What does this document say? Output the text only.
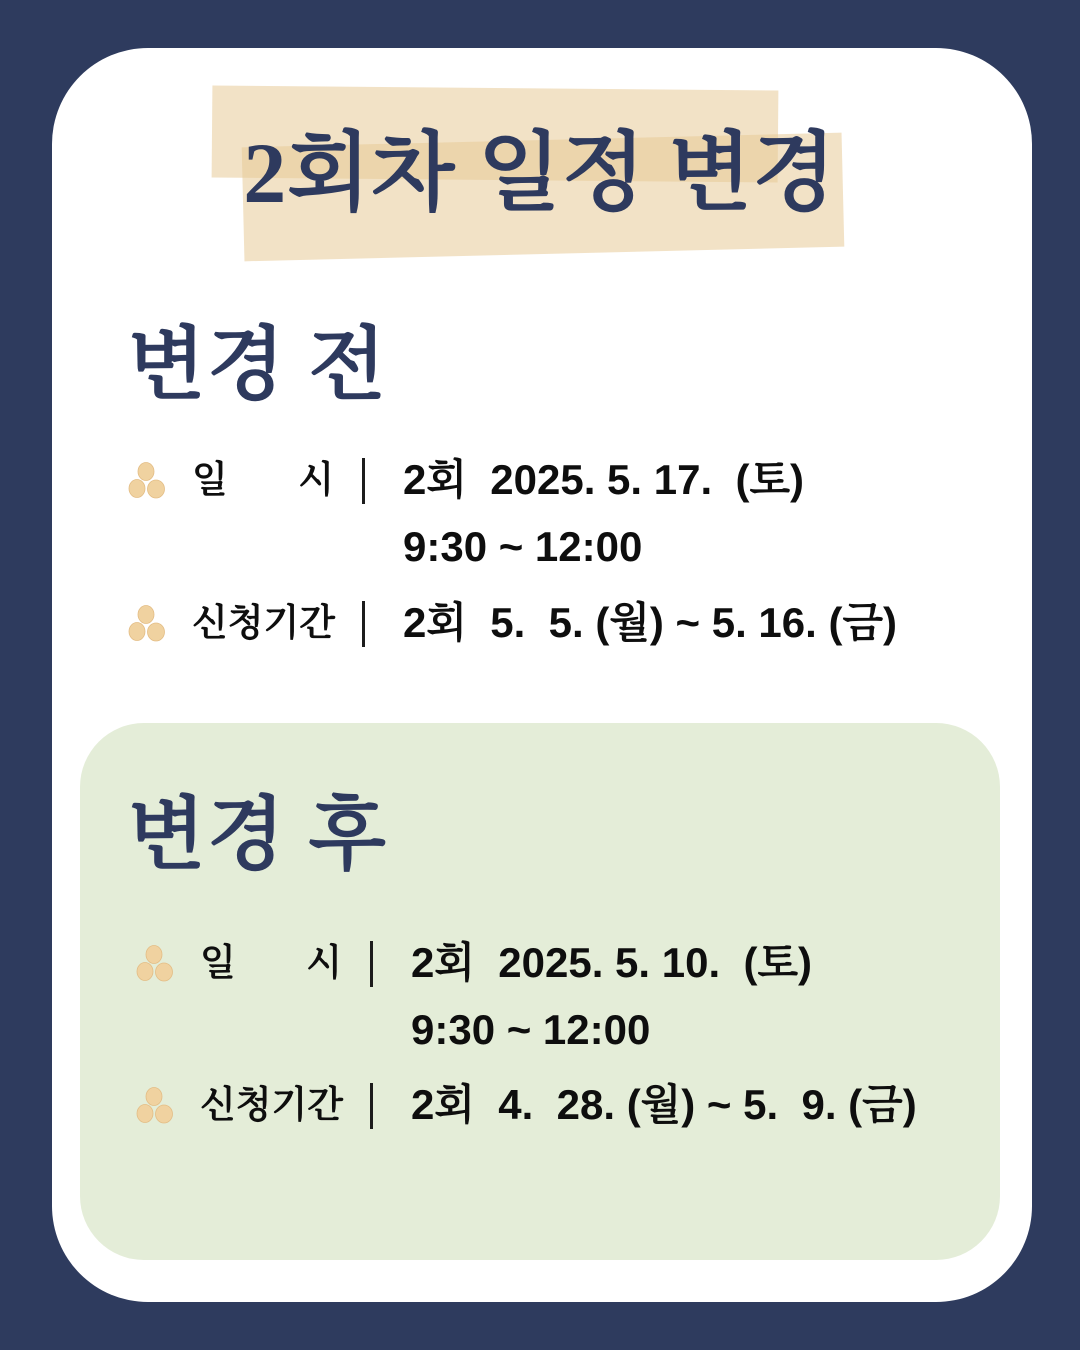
2회차 일정 변경
변경 전
일 시 2회  2025. 5. 17.  (토)
9:30 ~ 12:00
신청기간 2회  5.  5. (월) ~ 5. 16. (금)
변경 후
일 시 2회  2025. 5. 10.  (토)
9:30 ~ 12:00
신청기간 2회  4.  28. (월) ~ 5.  9. (금)
